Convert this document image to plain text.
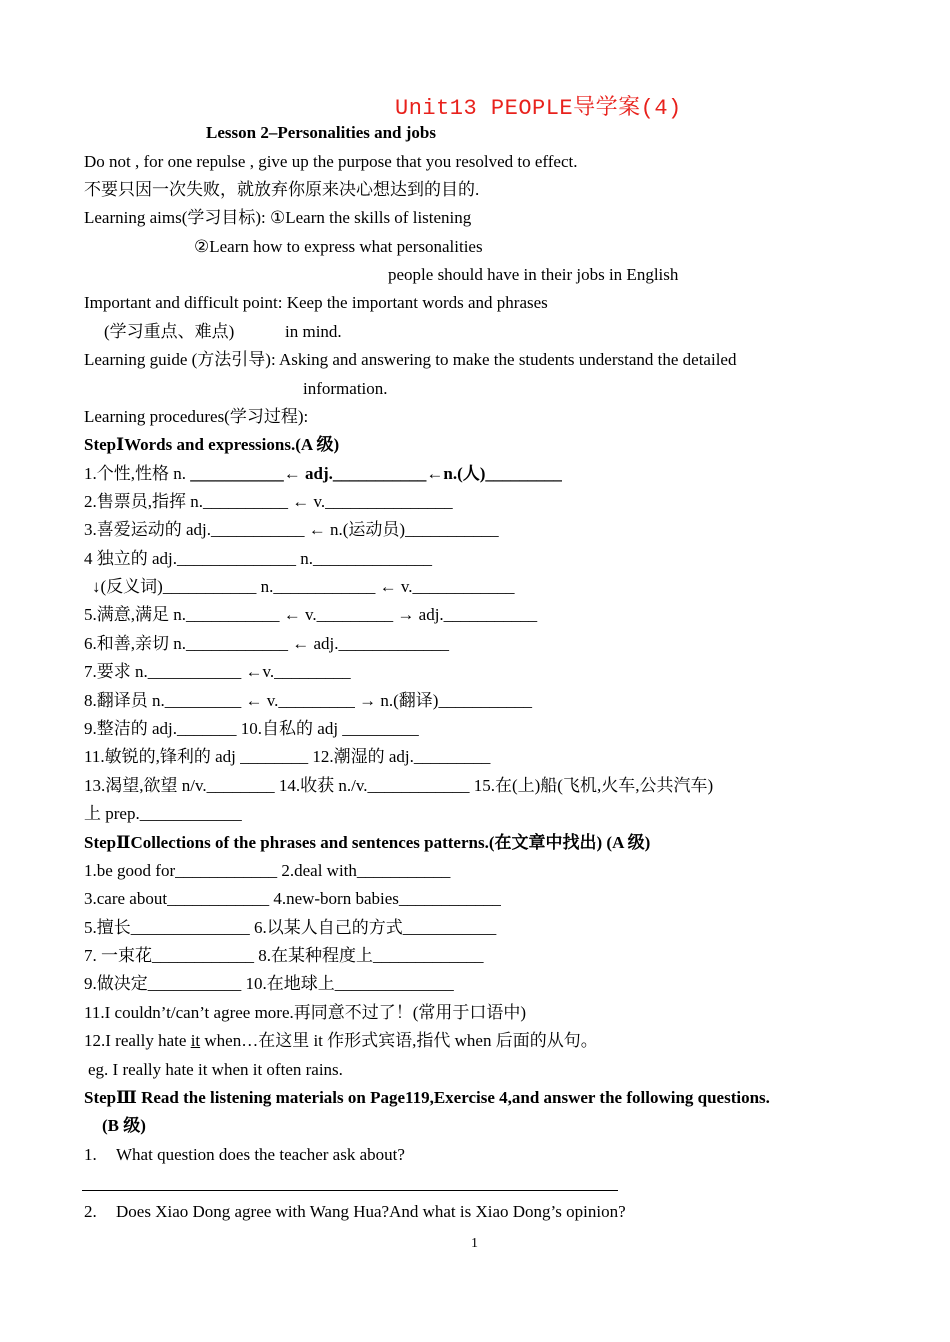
Unit13 PEOPLE导学案(4)
Lesson 2–Personalities and jobs
Do not , for one repulse , give up the purpose that you resolved to effect.
不要只因一次失败，就放弃你原来决心想达到的目的.
Learning aims(学习目标): ①Learn the skills of listening
②Learn how to express what personalities
people should have in their jobs in English
Important and difficult point: Keep the important words and phrases
(学习重点、难点)	in mind.
Learning guide (方法引导): Asking and answering to make the students understand the detailed
information.
Learning procedures(学习过程):
StepⅠWords and expressions.(A 级)
1.个性,性格 n. ___________← adj.___________←n.(人)_________
2.售票员,指挥 n.__________ ← v._______________
3.喜爱运动的 adj.___________ ← n.(运动员)___________
4 独立的 adj.______________ n.______________
↓(反义词)___________ n.____________ ← v.____________
5.满意,满足 n.___________ ← v._________ → adj.___________
6.和善,亲切 n.____________ ← adj._____________
7.要求 n.___________ ←v._________
8.翻译员 n._________ ← v._________ → n.(翻译)___________
9.整洁的 adj._______ 10.自私的 adj _________
11.敏锐的,锋利的 adj ________ 12.潮湿的 adj._________
13.渴望,欲望 n/v.________ 14.收获 n./v.____________ 15.在(上)船(飞机,火车,公共汽车)
上 prep.____________
StepⅡCollections of the phrases and sentences patterns.(在文章中找出) (A 级)
1.be good for____________ 2.deal with___________
3.care about____________ 4.new-born babies____________
5.擅长______________ 6.以某人自己的方式___________
7. 一束花____________ 8.在某种程度上_____________
9.做决定___________ 10.在地球上______________
11.I couldn’t/can’t agree more.再同意不过了！(常用于口语中)
12.I really hate it when…在这里 it 作形式宾语,指代 when 后面的从句。
eg. I really hate it when it often rains.
StepⅢ Read the listening materials on Page119,Exercise 4,and answer the following questions.
(B 级)
1. What question does the teacher ask about?
2. Does Xiao Dong agree with Wang Hua?And what is Xiao Dong’s opinion?
1
